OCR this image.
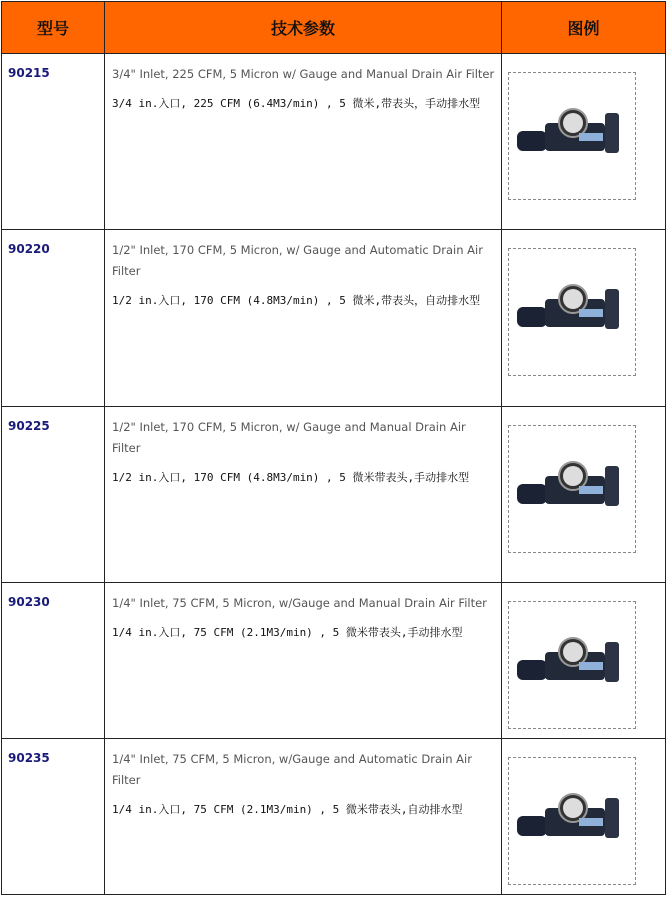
型号	技术参数	图例

90215	3/4" Inlet, 225 CFM, 5 Micron w/ Gauge and Manual Drain Air Filter
3/4 in.入口, 225 CFM (6.4M3/min) , 5 微米,带表头，手动排水型

90220	1/2" Inlet, 170 CFM, 5 Micron, w/ Gauge and Automatic Drain Air Filter
1/2 in.入口, 170 CFM (4.8M3/min) , 5 微米,带表头，自动排水型

90225	1/2" Inlet, 170 CFM, 5 Micron, w/ Gauge and Manual Drain Air Filter
1/2 in.入口, 170 CFM (4.8M3/min) , 5 微米带表头,手动排水型

90230	1/4" Inlet, 75 CFM, 5 Micron, w/Gauge and Manual Drain Air Filter
1/4 in.入口, 75 CFM (2.1M3/min) , 5 微米带表头,手动排水型

90235	1/4" Inlet, 75 CFM, 5 Micron, w/Gauge and Automatic Drain Air Filter
1/4 in.入口, 75 CFM (2.1M3/min) , 5 微米带表头,自动排水型
